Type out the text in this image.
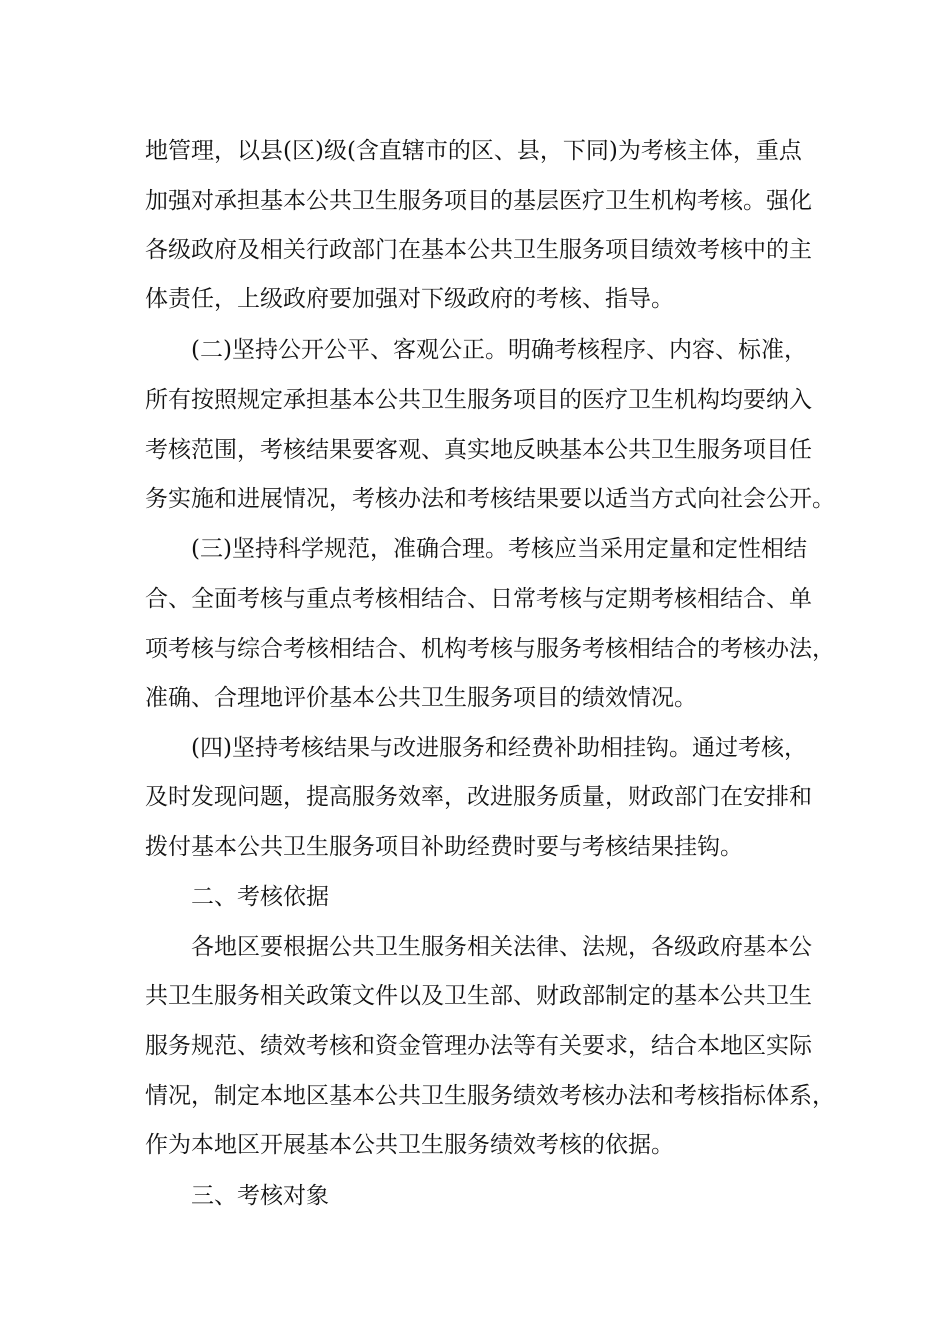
地管理，以县(区)级(含直辖市的区、县，下同)为考核主体，重点
加强对承担基本公共卫生服务项目的基层医疗卫生机构考核。强化
各级政府及相关行政部门在基本公共卫生服务项目绩效考核中的主
体责任，上级政府要加强对下级政府的考核、指导。
(二)坚持公开公平、客观公正。明确考核程序、内容、标准，
所有按照规定承担基本公共卫生服务项目的医疗卫生机构均要纳入
考核范围，考核结果要客观、真实地反映基本公共卫生服务项目任
务实施和进展情况，考核办法和考核结果要以适当方式向社会公开。
(三)坚持科学规范，准确合理。考核应当采用定量和定性相结
合、全面考核与重点考核相结合、日常考核与定期考核相结合、单
项考核与综合考核相结合、机构考核与服务考核相结合的考核办法，
准确、合理地评价基本公共卫生服务项目的绩效情况。
(四)坚持考核结果与改进服务和经费补助相挂钩。通过考核，
及时发现问题，提高服务效率，改进服务质量，财政部门在安排和
拨付基本公共卫生服务项目补助经费时要与考核结果挂钩。
二、考核依据
各地区要根据公共卫生服务相关法律、法规，各级政府基本公
共卫生服务相关政策文件以及卫生部、财政部制定的基本公共卫生
服务规范、绩效考核和资金管理办法等有关要求，结合本地区实际
情况，制定本地区基本公共卫生服务绩效考核办法和考核指标体系，
作为本地区开展基本公共卫生服务绩效考核的依据。
三、考核对象
